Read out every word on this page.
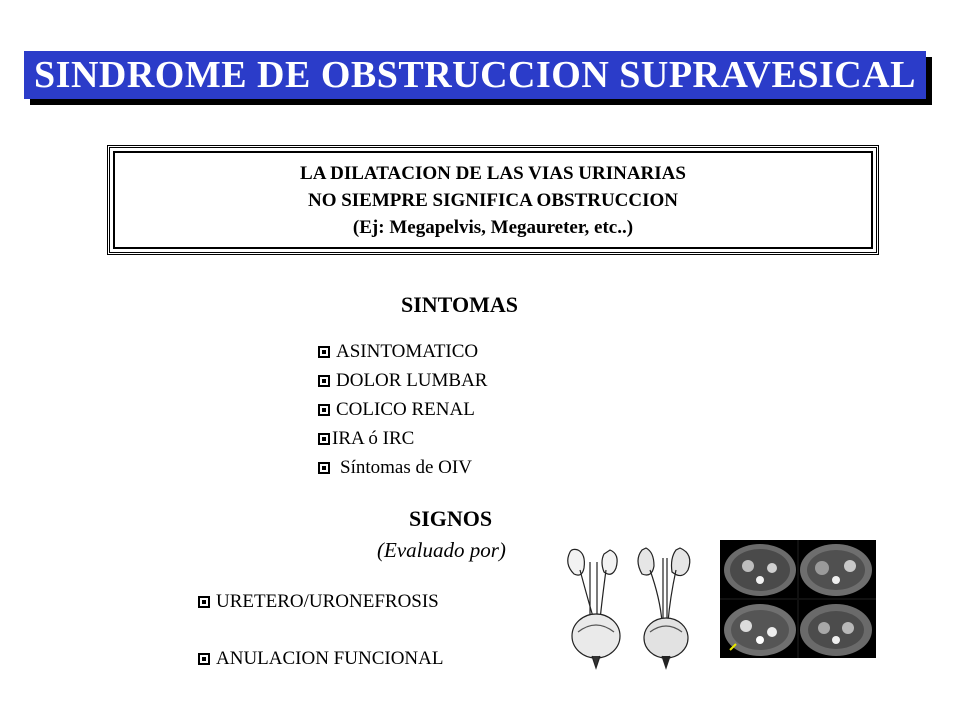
SINDROME DE OBSTRUCCION SUPRAVESICAL
LA DILATACION DE LAS VIAS URINARIAS
NO SIEMPRE SIGNIFICA OBSTRUCCION
(Ej: Megapelvis, Megaureter, etc..)
SINTOMAS
ASINTOMATICO
DOLOR LUMBAR
COLICO RENAL
IRA ó IRC
Síntomas de OIV
SIGNOS
(Evaluado por)
URETERO/URONEFROSIS
ANULACION FUNCIONAL
